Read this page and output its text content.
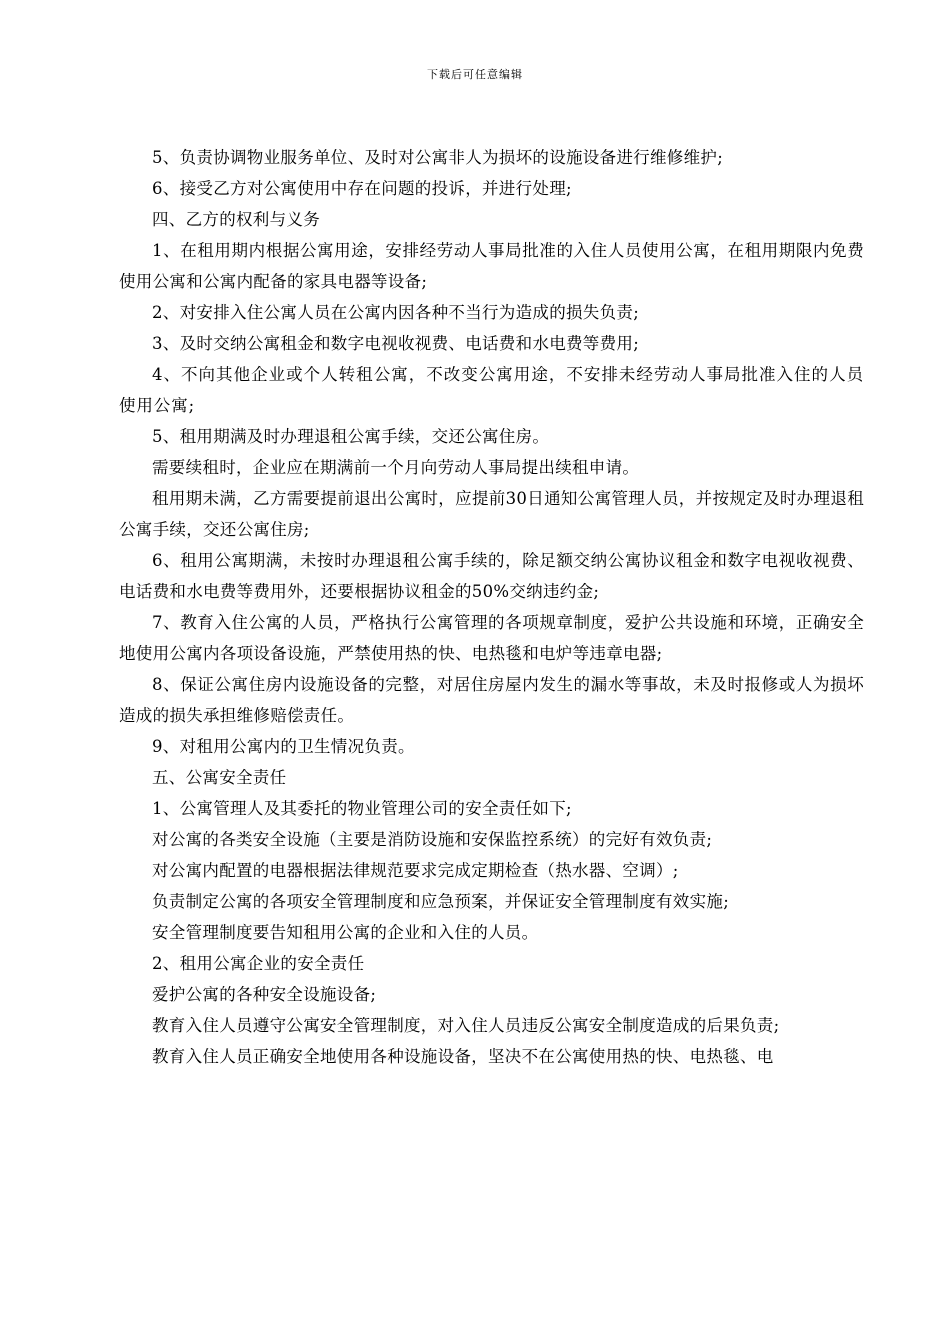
下载后可任意编辑

5、负责协调物业服务单位、及时对公寓非人为损坏的设施设备进行维修维护;

6、接受乙方对公寓使用中存在问题的投诉，并进行处理;

四、乙方的权利与义务

1、在租用期内根据公寓用途，安排经劳动人事局批准的入住人员使用公寓，在租用期限内免费使用公寓和公寓内配备的家具电器等设备;

2、对安排入住公寓人员在公寓内因各种不当行为造成的损失负责;

3、及时交纳公寓租金和数字电视收视费、电话费和水电费等费用;

4、不向其他企业或个人转租公寓，不改变公寓用途，不安排未经劳动人事局批准入住的人员使用公寓;

5、租用期满及时办理退租公寓手续，交还公寓住房。

需要续租时，企业应在期满前一个月向劳动人事局提出续租申请。

租用期未满，乙方需要提前退出公寓时，应提前30日通知公寓管理人员，并按规定及时办理退租公寓手续，交还公寓住房;

6、租用公寓期满，未按时办理退租公寓手续的，除足额交纳公寓协议租金和数字电视收视费、电话费和水电费等费用外，还要根据协议租金的50%交纳违约金;

7、教育入住公寓的人员，严格执行公寓管理的各项规章制度，爱护公共设施和环境，正确安全地使用公寓内各项设备设施，严禁使用热的快、电热毯和电炉等违章电器;

8、保证公寓住房内设施设备的完整，对居住房屋内发生的漏水等事故，未及时报修或人为损坏造成的损失承担维修赔偿责任。

9、对租用公寓内的卫生情况负责。

五、公寓安全责任

1、公寓管理人及其委托的物业管理公司的安全责任如下;

对公寓的各类安全设施（主要是消防设施和安保监控系统）的完好有效负责;

对公寓内配置的电器根据法律规范要求完成定期检查（热水器、空调）;

负责制定公寓的各项安全管理制度和应急预案，并保证安全管理制度有效实施;

安全管理制度要告知租用公寓的企业和入住的人员。

2、租用公寓企业的安全责任

爱护公寓的各种安全设施设备;

教育入住人员遵守公寓安全管理制度，对入住人员违反公寓安全制度造成的后果负责;

教育入住人员正确安全地使用各种设施设备，坚决不在公寓使用热的快、电热毯、电
